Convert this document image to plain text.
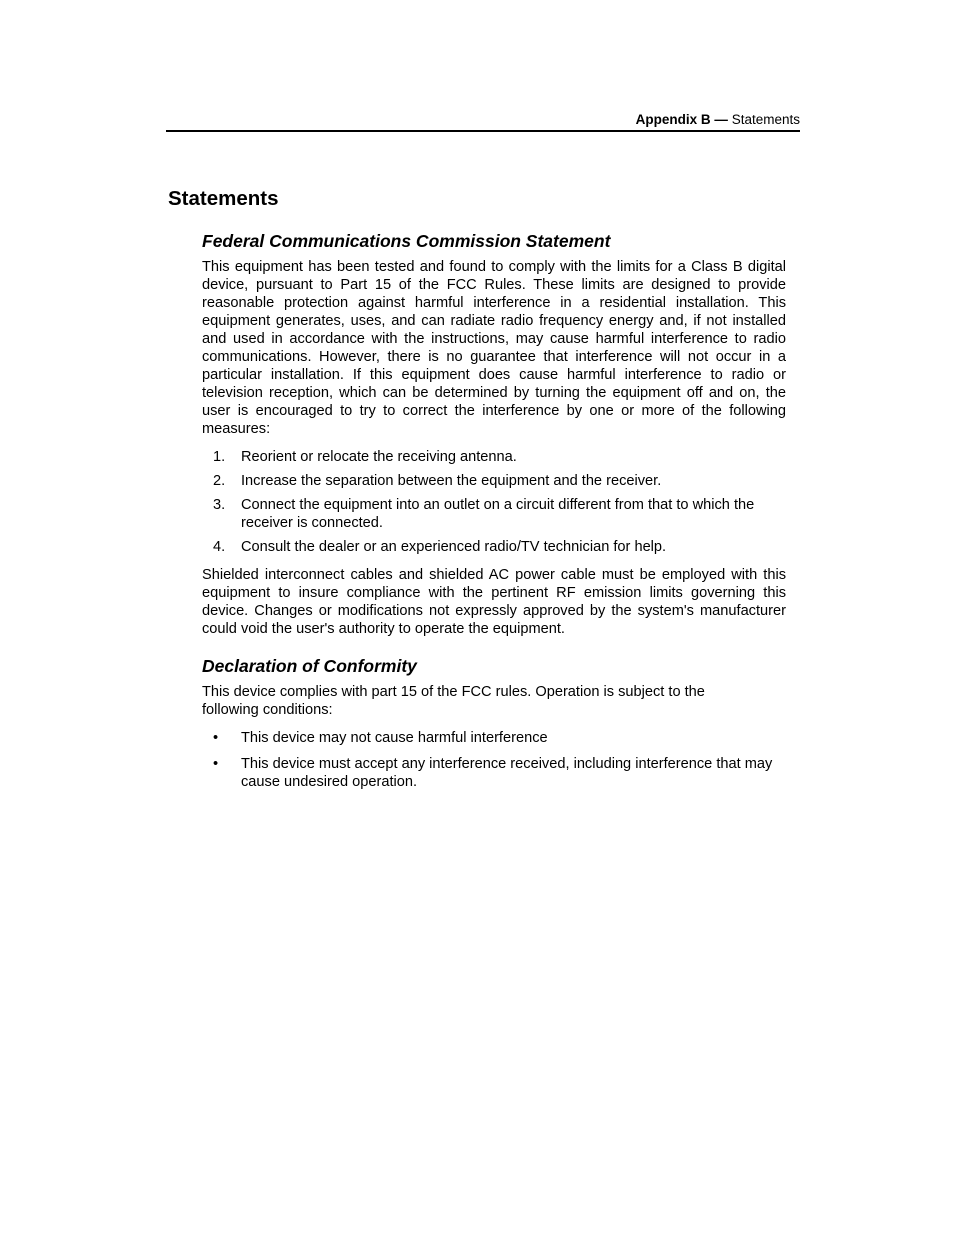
Appendix B — Statements
Statements
Federal Communications Commission Statement

This equipment has been tested and found to comply with the limits for a Class B digital device, pursuant to Part 15 of the FCC Rules. These limits are designed to provide reasonable protection against harmful interference in a residential installation. This equipment generates, uses, and can radiate radio frequency energy and, if not installed and used in accordance with the instructions, may cause harmful interference to radio communications. However, there is no guarantee that interference will not occur in a particular installation. If this equipment does cause harmful interference to radio or television reception, which can be determined by turning the equipment off and on, the user is encouraged to try to correct the interference by one or more of the following measures:

1.	Reorient or relocate the receiving antenna.
2.	Increase the separation between the equipment and the receiver.
3.	Connect the equipment into an outlet on a circuit different from that to which the receiver is connected.
4.	Consult the dealer or an experienced radio/TV technician for help.

Shielded interconnect cables and shielded AC power cable must be employed with this equipment to insure compliance with the pertinent RF emission limits governing this device. Changes or modifications not expressly approved by the system's manufacturer could void the user's authority to operate the equipment.

Declaration of Conformity

This device complies with part 15 of the FCC rules. Operation is subject to the following conditions:

•	This device may not cause harmful interference
•	This device must accept any interference received, including interference that may cause undesired operation.
